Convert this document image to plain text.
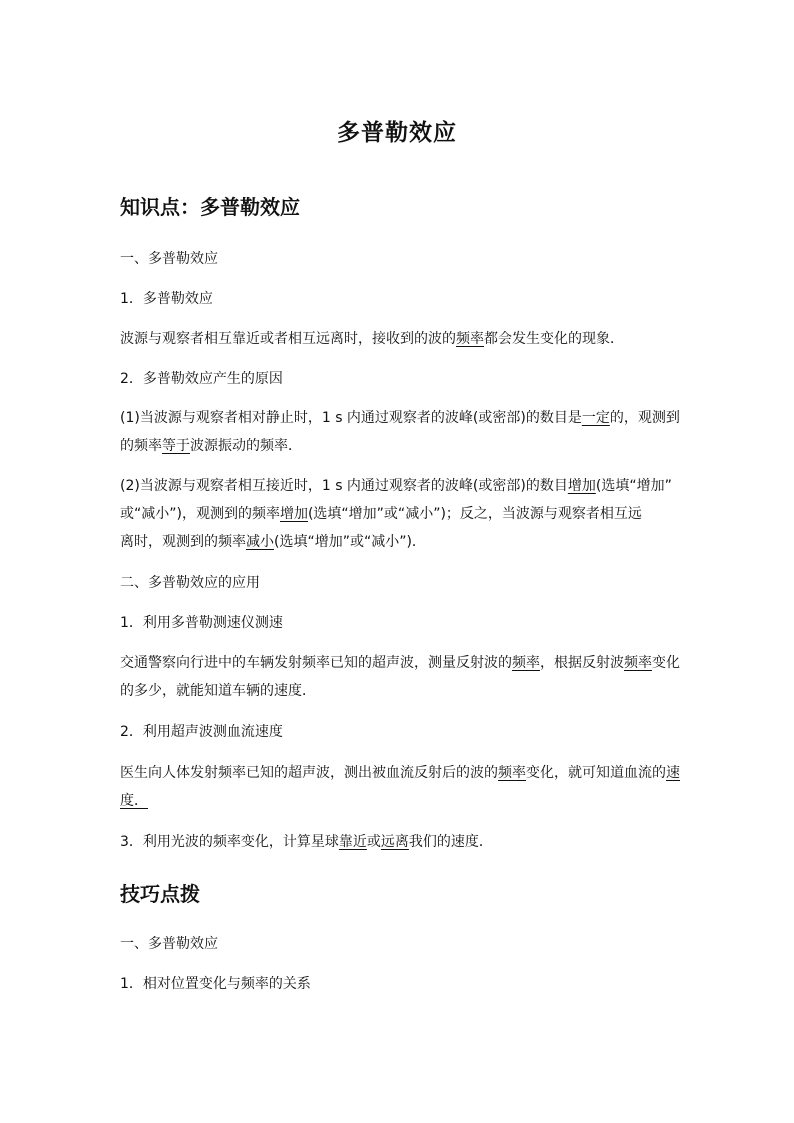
多普勒效应
知识点：多普勒效应
一、多普勒效应
1．多普勒效应
波源与观察者相互靠近或者相互远离时，接收到的波的频率都会发生变化的现象．
2．多普勒效应产生的原因

(1)当波源与观察者相对静止时，1 s 内通过观察者的波峰(或密部)的数目是一定的，观测到

的频率等于波源振动的频率．

(2)当波源与观察者相互接近时，1 s 内通过观察者的波峰(或密部)的数目增加(选填“增加”

或“减小”)，观测到的频率增加(选填“增加”或“减小”)；反之，当波源与观察者相互远

离时，观测到的频率减小(选填“增加”或“减小”)．

二、多普勒效应的应用
1．利用多普勒测速仪测速

交通警察向行进中的车辆发射频率已知的超声波，测量反射波的频率，根据反射波频率变化

的多少，就能知道车辆的速度．

2．利用超声波测血流速度

医生向人体发射频率已知的超声波，测出被血流反射后的波的频率变化，就可知道血流的速

度．

3．利用光波的频率变化，计算星球靠近或远离我们的速度．
技巧点拨
一、多普勒效应
1．相对位置变化与频率的关系
